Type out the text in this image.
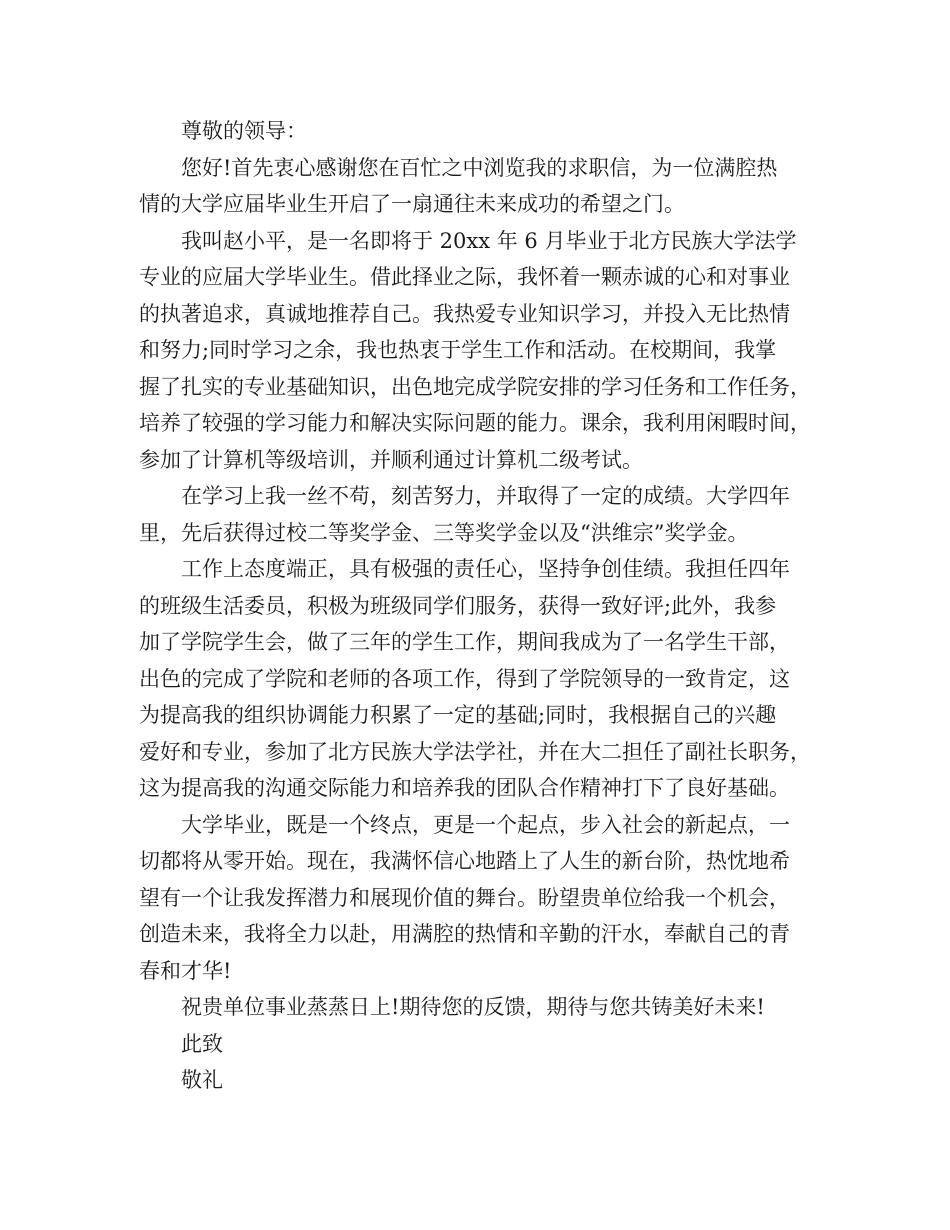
尊敬的领导：
您好!首先衷心感谢您在百忙之中浏览我的求职信，为一位满腔热
情的大学应届毕业生开启了一扇通往未来成功的希望之门。
我叫赵小平，是一名即将于 20xx 年 6 月毕业于北方民族大学法学
专业的应届大学毕业生。借此择业之际，我怀着一颗赤诚的心和对事业
的执著追求，真诚地推荐自己。我热爱专业知识学习，并投入无比热情
和努力;同时学习之余，我也热衷于学生工作和活动。在校期间，我掌
握了扎实的专业基础知识，出色地完成学院安排的学习任务和工作任务，
培养了较强的学习能力和解决实际问题的能力。课余，我利用闲暇时间，
参加了计算机等级培训，并顺利通过计算机二级考试。
在学习上我一丝不苟，刻苦努力，并取得了一定的成绩。大学四年
里，先后获得过校二等奖学金、三等奖学金以及“洪维宗”奖学金。
工作上态度端正，具有极强的责任心，坚持争创佳绩。我担任四年
的班级生活委员，积极为班级同学们服务，获得一致好评;此外，我参
加了学院学生会，做了三年的学生工作，期间我成为了一名学生干部，
出色的完成了学院和老师的各项工作，得到了学院领导的一致肯定，这
为提高我的组织协调能力积累了一定的基础;同时，我根据自己的兴趣
爱好和专业，参加了北方民族大学法学社，并在大二担任了副社长职务，
这为提高我的沟通交际能力和培养我的团队合作精神打下了良好基础。
大学毕业，既是一个终点，更是一个起点，步入社会的新起点，一
切都将从零开始。现在，我满怀信心地踏上了人生的新台阶，热忱地希
望有一个让我发挥潜力和展现价值的舞台。盼望贵单位给我一个机会，
创造未来，我将全力以赴，用满腔的热情和辛勤的汗水，奉献自己的青
春和才华!
祝贵单位事业蒸蒸日上!期待您的反馈，期待与您共铸美好未来!
此致
敬礼
